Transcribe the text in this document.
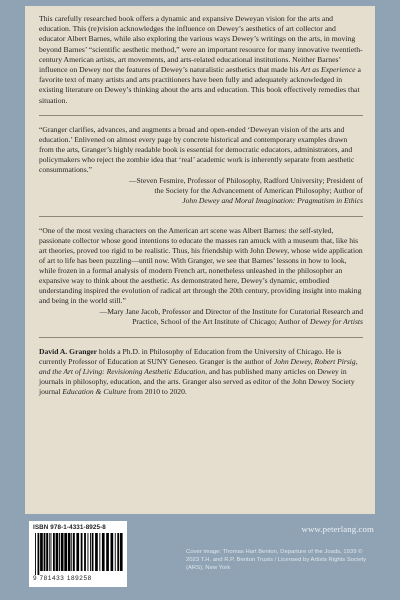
This carefully researched book offers a dynamic and expansive Deweyan vision for the arts and education. This (re)vision acknowledges the influence on Dewey’s aesthetics of art collector and educator Albert Barnes, while also exploring the various ways Dewey’s writings on the arts, in moving beyond Barnes’ “scientific aesthetic method,” were an important resource for many innovative twentieth-century American artists, art movements, and arts-related educational institutions. Neither Barnes’ influence on Dewey nor the features of Dewey’s naturalistic aesthetics that made his Art as Experience a favorite text of many artists and arts practitioners have been fully and adequately acknowledged in existing literature on Dewey’s thinking about the arts and education. This book effectively remedies that situation.

“Granger clarifies, advances, and augments a broad and open-ended ‘Deweyan vision of the arts and education.’ Enlivened on almost every page by concrete historical and contemporary examples drawn from the arts, Granger’s highly readable book is essential for democratic educators, administrators, and policymakers who reject the zombie idea that ‘real’ academic work is inherently separate from aesthetic consummations.”

—Steven Fesmire, Professor of Philosophy, Radford University; President of
the Society for the Advancement of American Philosophy; Author of
John Dewey and Moral Imagination: Pragmatism in Ethics

“One of the most vexing characters on the American art scene was Albert Barnes: the self-styled, passionate collector whose good intentions to educate the masses ran amuck with a museum that, like his art theories, proved too rigid to be realistic. Thus, his friendship with John Dewey, whose wide application of art to life has been puzzling—until now. With Granger, we see that Barnes’ lessons in how to look, while frozen in a formal analysis of modern French art, nonetheless unleashed in the philosopher an expansive way to think about the aesthetic. As demonstrated here, Dewey’s dynamic, embodied understanding inspired the evolution of radical art through the 20th century, providing insight into making and being in the world still.”

—Mary Jane Jacob, Professor and Director of the Institute for Curatorial Research and
Practice, School of the Art Institute of Chicago; Author of Dewey for Artists

David A. Granger holds a Ph.D. in Philosophy of Education from the University of Chicago. He is currently Professor of Education at SUNY Geneseo. Granger is the author of John Dewey, Robert Pirsig, and the Art of Living: Revisioning Aesthetic Education, and has published many articles on Dewey in journals in philosophy, education, and the arts. Granger also served as editor of the John Dewey Society journal Education & Culture from 2010 to 2020.

ISBN 978-1-4331-8925-8
9 781433 189258
www.peterlang.com
Cover image: Thomas Hart Benton, Departure of the Joads, 1939 © 2023 T.H. and R.P. Benton Trusts / Licensed by Artists Rights Society (ARS), New York
